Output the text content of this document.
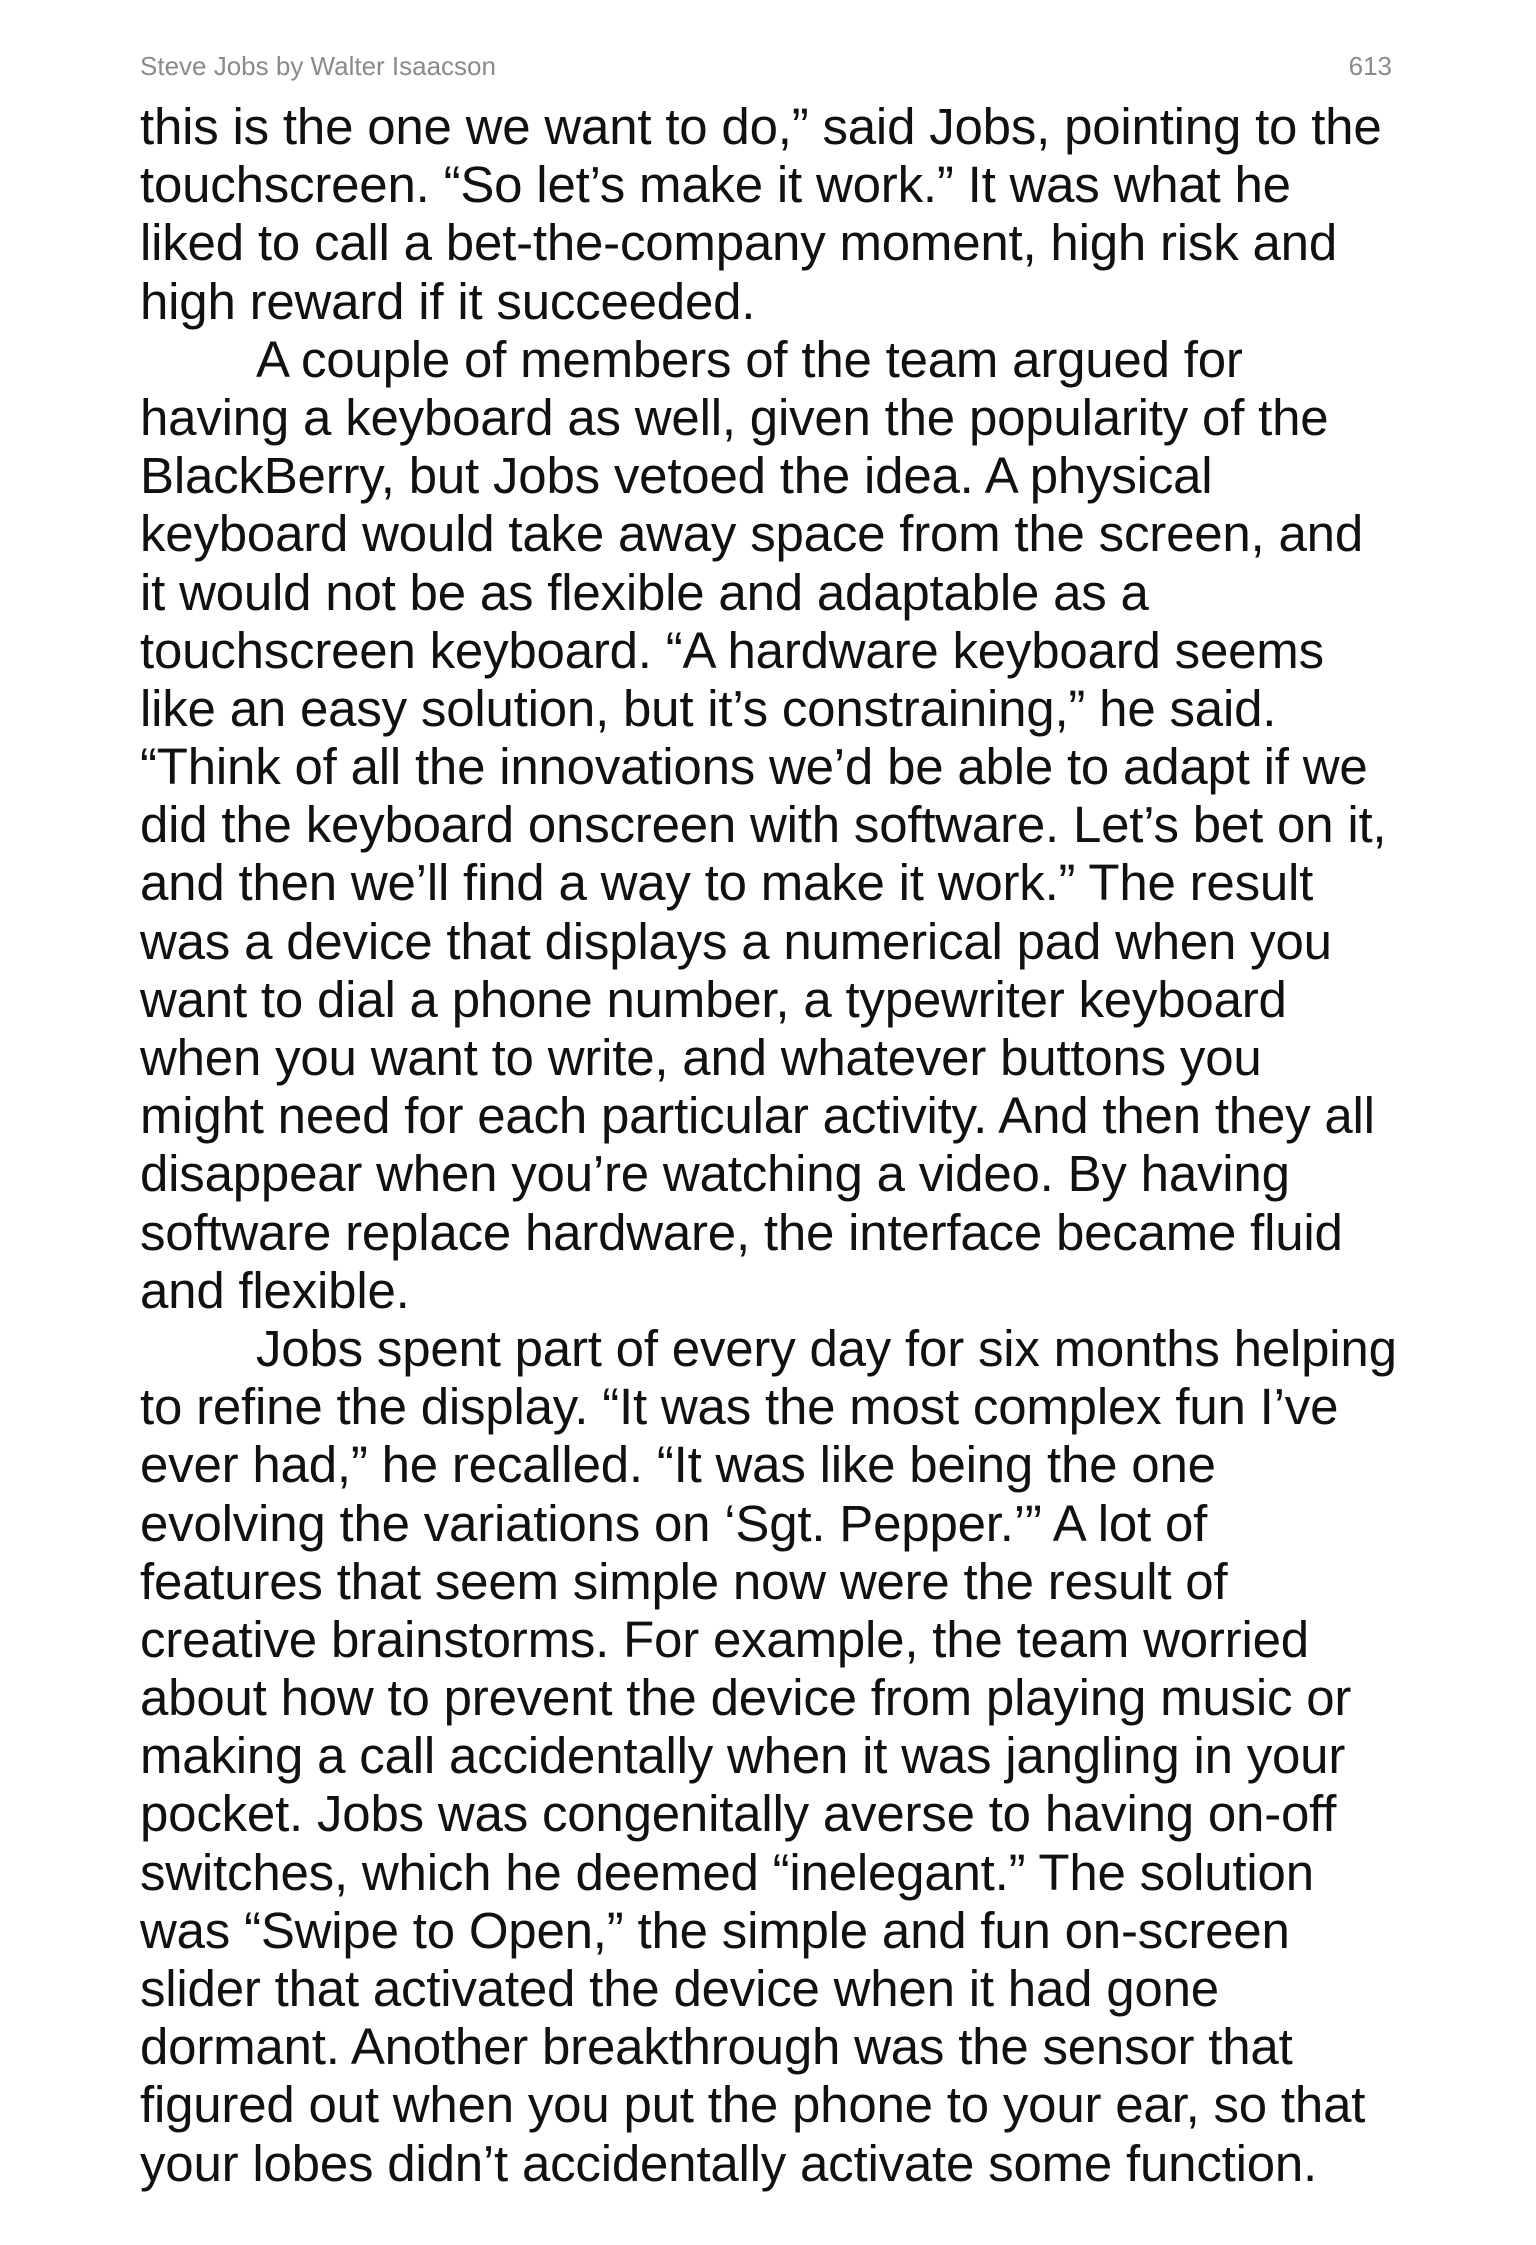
Steve Jobs by Walter Isaacson	613
this is the one we want to do,” said Jobs, pointing to the
touchscreen. “So let’s make it work.” It was what he
liked to call a bet-the-company moment, high risk and
high reward if it succeeded.
A couple of members of the team argued for
having a keyboard as well, given the popularity of the
BlackBerry, but Jobs vetoed the idea. A physical
keyboard would take away space from the screen, and
it would not be as flexible and adaptable as a
touchscreen keyboard. “A hardware keyboard seems
like an easy solution, but it’s constraining,” he said.
“Think of all the innovations we’d be able to adapt if we
did the keyboard onscreen with software. Let’s bet on it,
and then we’ll find a way to make it work.” The result
was a device that displays a numerical pad when you
want to dial a phone number, a typewriter keyboard
when you want to write, and whatever buttons you
might need for each particular activity. And then they all
disappear when you’re watching a video. By having
software replace hardware, the interface became fluid
and flexible.
Jobs spent part of every day for six months helping
to refine the display. “It was the most complex fun I’ve
ever had,” he recalled. “It was like being the one
evolving the variations on ‘Sgt. Pepper.’” A lot of
features that seem simple now were the result of
creative brainstorms. For example, the team worried
about how to prevent the device from playing music or
making a call accidentally when it was jangling in your
pocket. Jobs was congenitally averse to having on-off
switches, which he deemed “inelegant.” The solution
was “Swipe to Open,” the simple and fun on-screen
slider that activated the device when it had gone
dormant. Another breakthrough was the sensor that
figured out when you put the phone to your ear, so that
your lobes didn’t accidentally activate some function.
